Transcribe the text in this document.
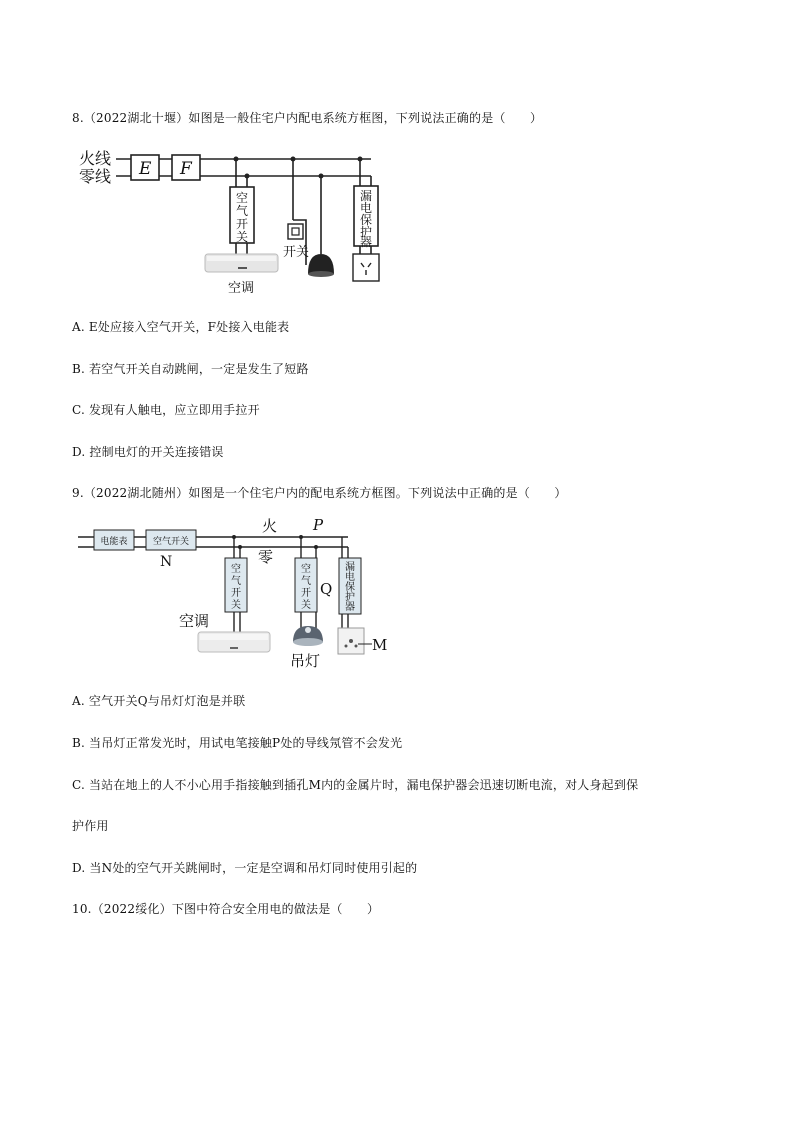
8.（2022湖北十堰）如图是一般住宅户内配电系统方框图，下列说法正确的是（　　）
火线
零线 E F
空
气
开
关
漏
电
保
护
器
空调
开关
A. E处应接入空气开关，F处接入电能表
B. 若空气开关自动跳闸，一定是发生了短路
C. 发现有人触电，应立即用手拉开
D. 控制电灯的开关连接错误
9.（2022湖北随州）如图是一个住宅户内的配电系统方框图。下列说法中正确的是（　　）
电能表	空气开关
N
火 P
零
空
气
开
关
空
气
开
关
Q
漏
电
保
护
器
空调
吊灯
M
A. 空气开关Q与吊灯灯泡是并联
B. 当吊灯正常发光时，用试电笔接触P处的导线氖管不会发光
C. 当站在地上的人不小心用手指接触到插孔M内的金属片时，漏电保护器会迅速切断电流，对人身起到保
护作用
D. 当N处的空气开关跳闸时，一定是空调和吊灯同时使用引起的
10.（2022绥化）下图中符合安全用电的做法是（　　）
